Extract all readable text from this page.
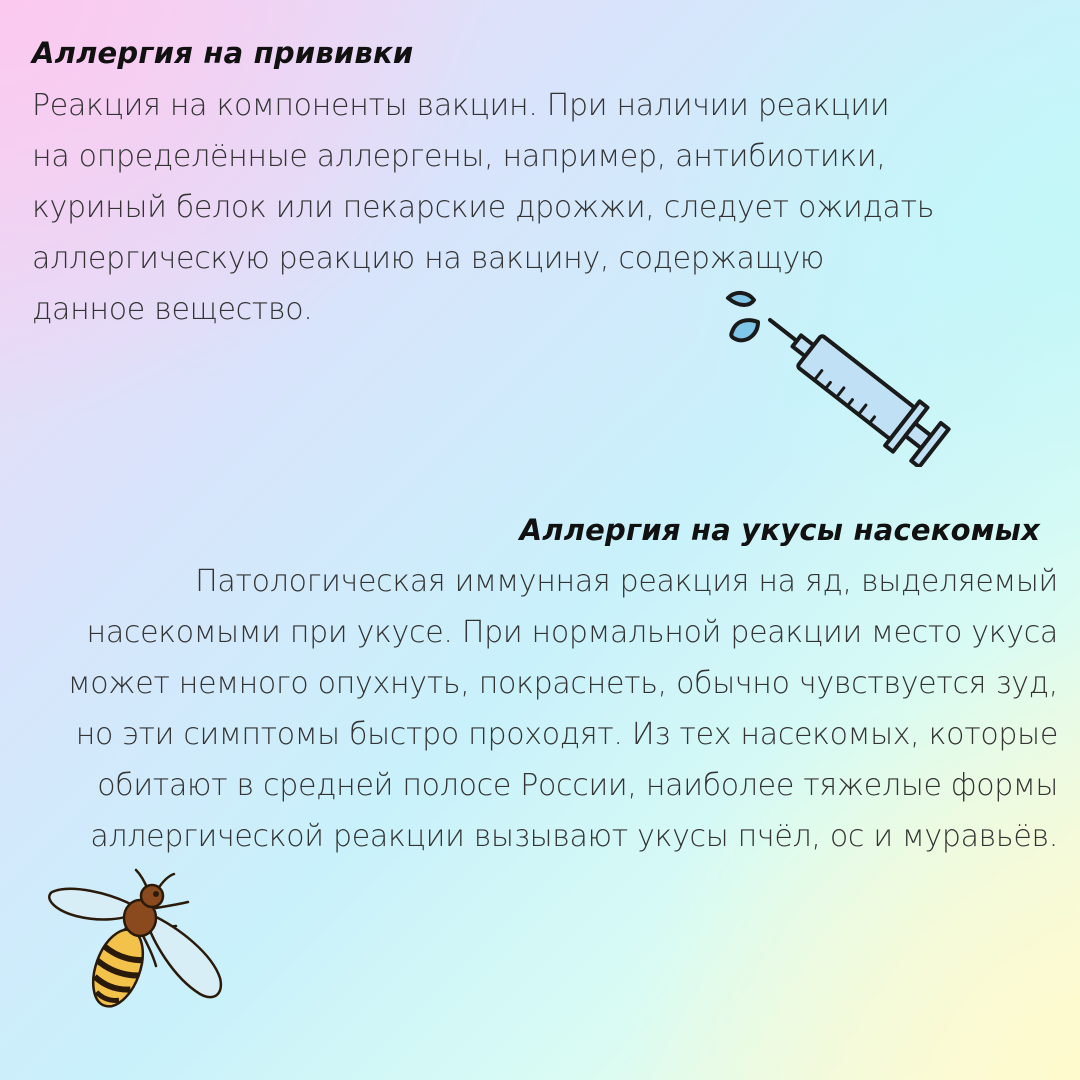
Аллергия на прививки

Реакция на компоненты вакцин. При наличии реакции
на определённые аллергены, например, антибиотики,
куриный белок или пекарские дрожжи, следует ожидать
аллергическую реакцию на вакцину, содержащую
данное вещество.

Аллергия на укусы насекомых

Патологическая иммунная реакция на яд, выделяемый
насекомыми при укусе. При нормальной реакции место укуса
может немного опухнуть, покраснеть, обычно чувствуется зуд,
но эти симптомы быстро проходят. Из тех насекомых, которые
обитают в средней полосе России, наиболее тяжелые формы
аллергической реакции вызывают укусы пчёл, ос и муравьёв.
